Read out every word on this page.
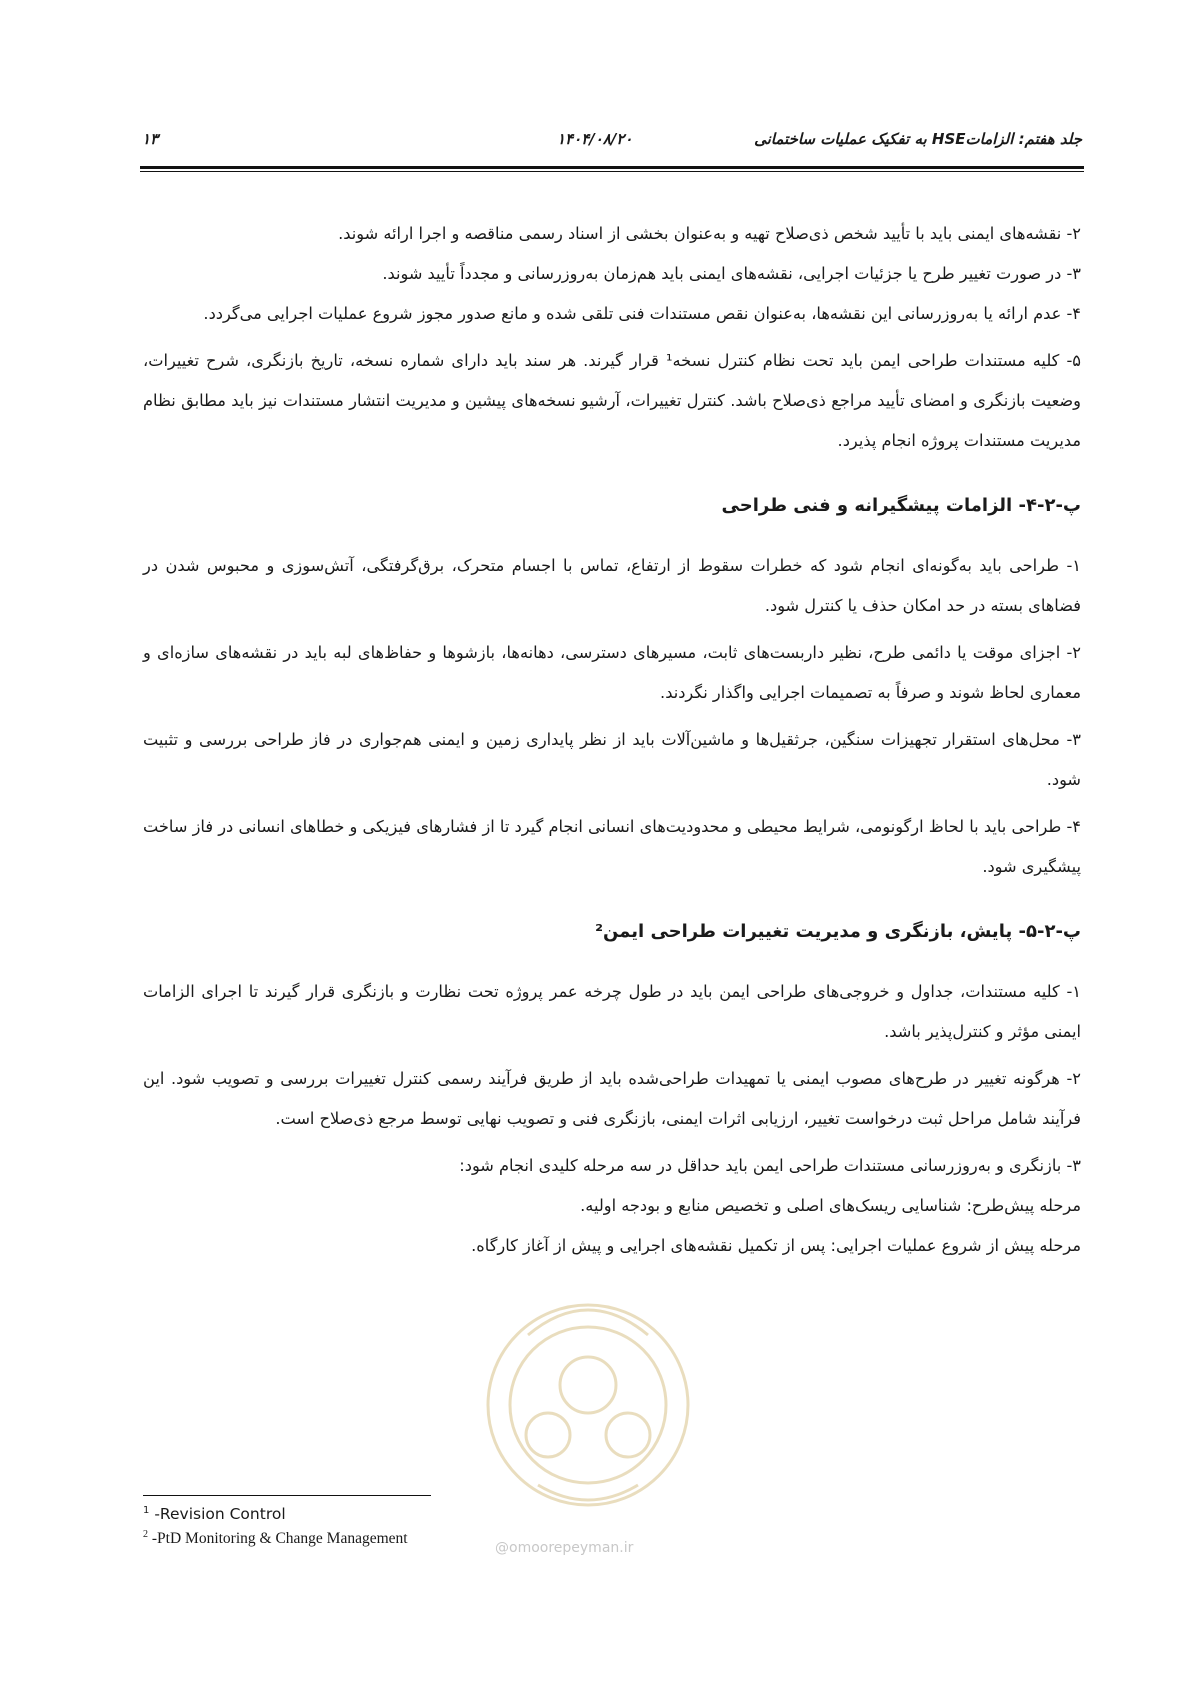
جلد هفتم: الزاماتHSE به تفکیک عملیات ساختمانی
۱۴۰۴/۰۸/۲۰
۱۳

۲- نقشه‌های ایمنی باید با تأیید شخص ذی‌صلاح تهیه و به‌عنوان بخشی از اسناد رسمی مناقصه و اجرا ارائه شوند.

۳- در صورت تغییر طرح یا جزئیات اجرایی، نقشه‌های ایمنی باید هم‌زمان به‌روزرسانی و مجدداً تأیید شوند.

۴- عدم ارائه یا به‌روزرسانی این نقشه‌ها، به‌عنوان نقص مستندات فنی تلقی شده و مانع صدور مجوز شروع عملیات اجرایی می‌گردد.

۵- کلیه مستندات طراحی ایمن باید تحت نظام کنترل نسخه¹ قرار گیرند. هر سند باید دارای شماره نسخه، تاریخ بازنگری، شرح تغییرات، وضعیت بازنگری و امضای تأیید مراجع ذی‌صلاح باشد. کنترل تغییرات، آرشیو نسخه‌های پیشین و مدیریت انتشار مستندات نیز باید مطابق نظام مدیریت مستندات پروژه انجام پذیرد.

پ-۲-۴- الزامات پیشگیرانه و فنی طراحی

۱- طراحی باید به‌گونه‌ای انجام شود که خطرات سقوط از ارتفاع، تماس با اجسام متحرک، برق‌گرفتگی، آتش‌سوزی و محبوس شدن در فضاهای بسته در حد امکان حذف یا کنترل شود.

۲- اجزای موقت یا دائمی طرح، نظیر داربست‌های ثابت، مسیرهای دسترسی، دهانه‌ها، بازشوها و حفاظ‌های لبه باید در نقشه‌های سازه‌ای و معماری لحاظ شوند و صرفاً به تصمیمات اجرایی واگذار نگردند.

۳- محل‌های استقرار تجهیزات سنگین، جرثقیل‌ها و ماشین‌آلات باید از نظر پایداری زمین و ایمنی هم‌جواری در فاز طراحی بررسی و تثبیت شود.

۴- طراحی باید با لحاظ ارگونومی، شرایط محیطی و محدودیت‌های انسانی انجام گیرد تا از فشارهای فیزیکی و خطاهای انسانی در فاز ساخت پیشگیری شود.

پ-۲-۵- پایش، بازنگری و مدیریت تغییرات طراحی ایمن²

۱- کلیه مستندات، جداول و خروجی‌های طراحی ایمن باید در طول چرخه عمر پروژه تحت نظارت و بازنگری قرار گیرند تا اجرای الزامات ایمنی مؤثر و کنترل‌پذیر باشد.

۲- هرگونه تغییر در طرح‌های مصوب ایمنی یا تمهیدات طراحی‌شده باید از طریق فرآیند رسمی کنترل تغییرات بررسی و تصویب شود. این فرآیند شامل مراحل ثبت درخواست تغییر، ارزیابی اثرات ایمنی، بازنگری فنی و تصویب نهایی توسط مرجع ذی‌صلاح است.

۳- بازنگری و به‌روزرسانی مستندات طراحی ایمن باید حداقل در سه مرحله کلیدی انجام شود:

مرحله پیش‌طرح: شناسایی ریسک‌های اصلی و تخصیص منابع و بودجه اولیه.

مرحله پیش از شروع عملیات اجرایی: پس از تکمیل نقشه‌های اجرایی و پیش از آغاز کارگاه.

@omoorepeyman.ir
$^1$ -Revision Control
$^2$ -PtD Monitoring & Change Management
